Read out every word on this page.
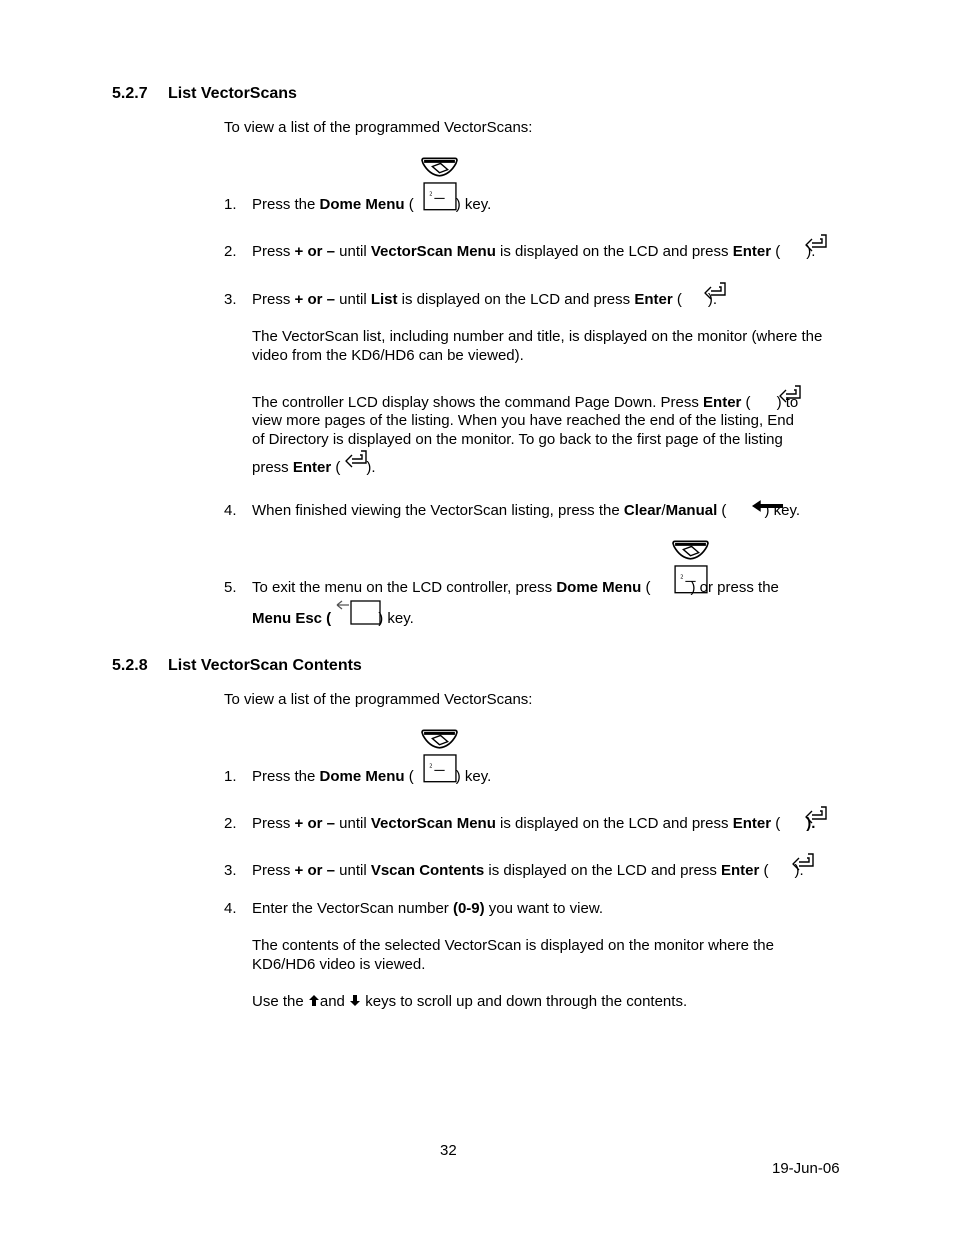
5.2.7 List VectorScans
To view a list of the programmed VectorScans:
1.	Press the Dome Menu (	) key.
2.	Press + or – until VectorScan Menu is displayed on the LCD and press Enter ( ).
3.	Press + or – until List is displayed on the LCD and press Enter ( ).
The VectorScan list, including number and title, is displayed on the monitor (where the video from the KD6/HD6 can be viewed).
The controller LCD display shows the command Page Down. Press Enter ( ) to
view more pages of the listing. When you have reached the end of the listing, End
of Directory is displayed on the monitor. To go back to the first page of the listing
press Enter ( ).
4.	When finished viewing the VectorScan listing, press the Clear/Manual (	) key.
5.	To exit the menu on the LCD controller, press Dome Menu (	) or press the
Menu Esc (	) key.
5.2.8 List VectorScan Contents
To view a list of the programmed VectorScans:
1.	Press the Dome Menu (	) key.
2.	Press + or – until VectorScan Menu is displayed on the LCD and press Enter ( ).
3.	Press + or – until Vscan Contents is displayed on the LCD and press Enter ( ).
4.	Enter the VectorScan number (0-9) you want to view.
The contents of the selected VectorScan is displayed on the monitor where the KD6/HD6 video is viewed.
Use the
and
keys to scroll up and down through the contents.
32
19-Jun-06
